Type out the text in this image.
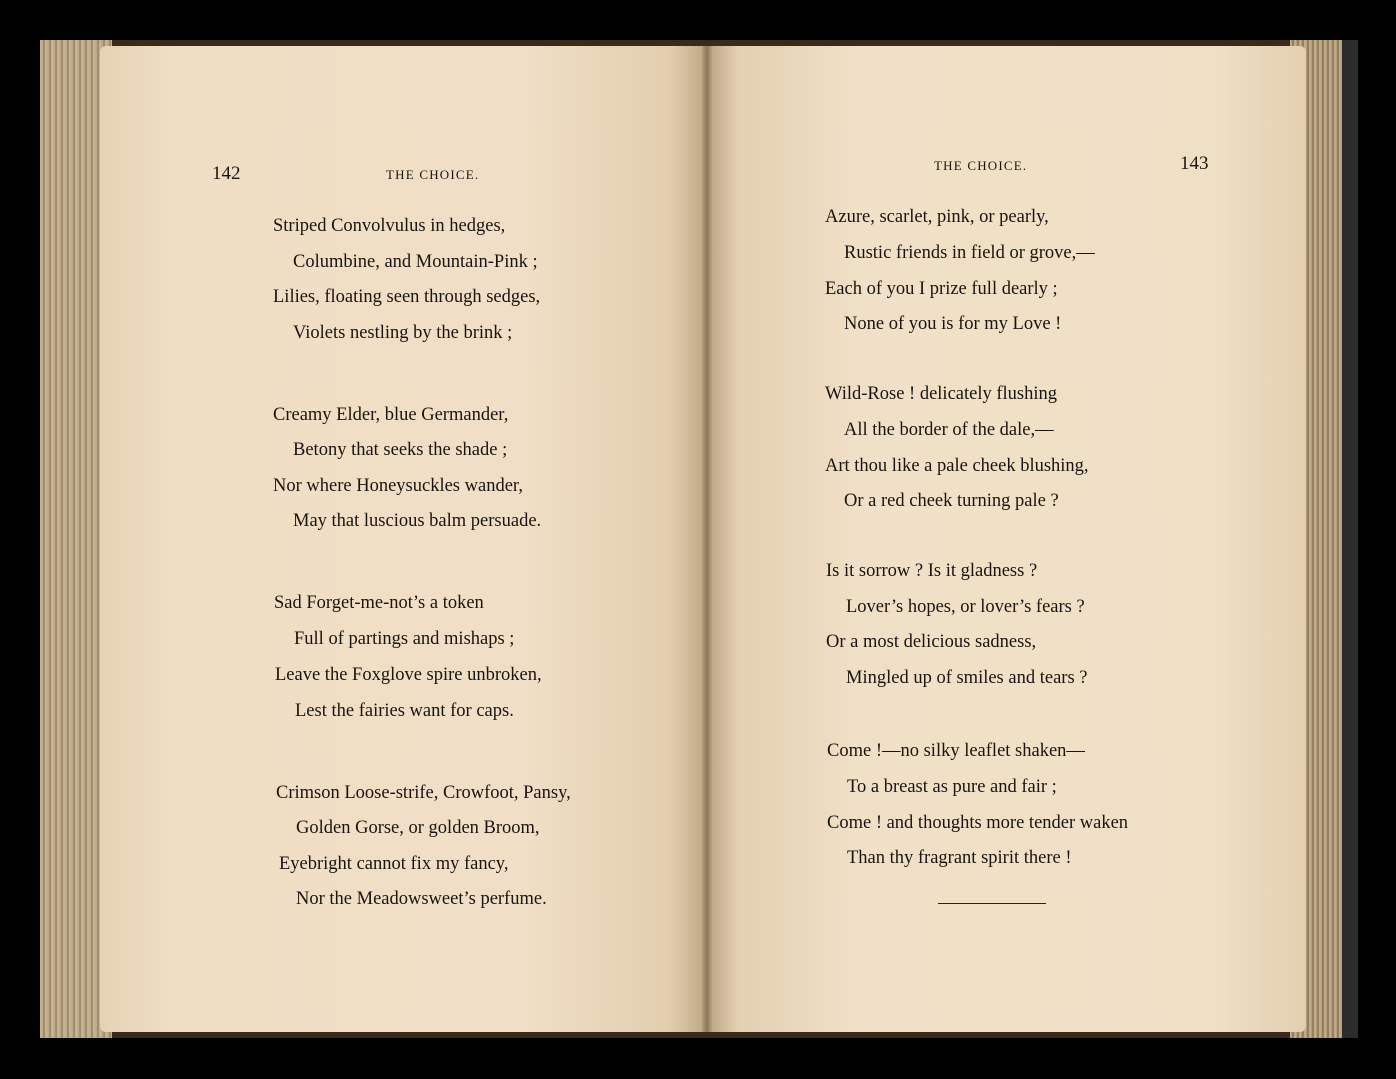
142	THE CHOICE.
Striped Convolvulus in hedges,
Columbine, and Mountain-Pink ;
Lilies, floating seen through sedges,
Violets nestling by the brink ;
Creamy Elder, blue Germander,
Betony that seeks the shade ;
Nor where Honeysuckles wander,
May that luscious balm persuade.
Sad Forget-me-not’s a token
Full of partings and mishaps ;
Leave the Foxglove spire unbroken,
Lest the fairies want for caps.
Crimson Loose-strife, Crowfoot, Pansy,
Golden Gorse, or golden Broom,
Eyebright cannot fix my fancy,
Nor the Meadowsweet’s perfume.
THE CHOICE.	143
Azure, scarlet, pink, or pearly,
Rustic friends in field or grove,—
Each of you I prize full dearly ;
None of you is for my Love !
Wild-Rose ! delicately flushing
All the border of the dale,—
Art thou like a pale cheek blushing,
Or a red cheek turning pale ?
Is it sorrow ? Is it gladness ?
Lover’s hopes, or lover’s fears ?
Or a most delicious sadness,
Mingled up of smiles and tears ?
Come !—no silky leaflet shaken—
To a breast as pure and fair ;
Come ! and thoughts more tender waken
Than thy fragrant spirit there !
